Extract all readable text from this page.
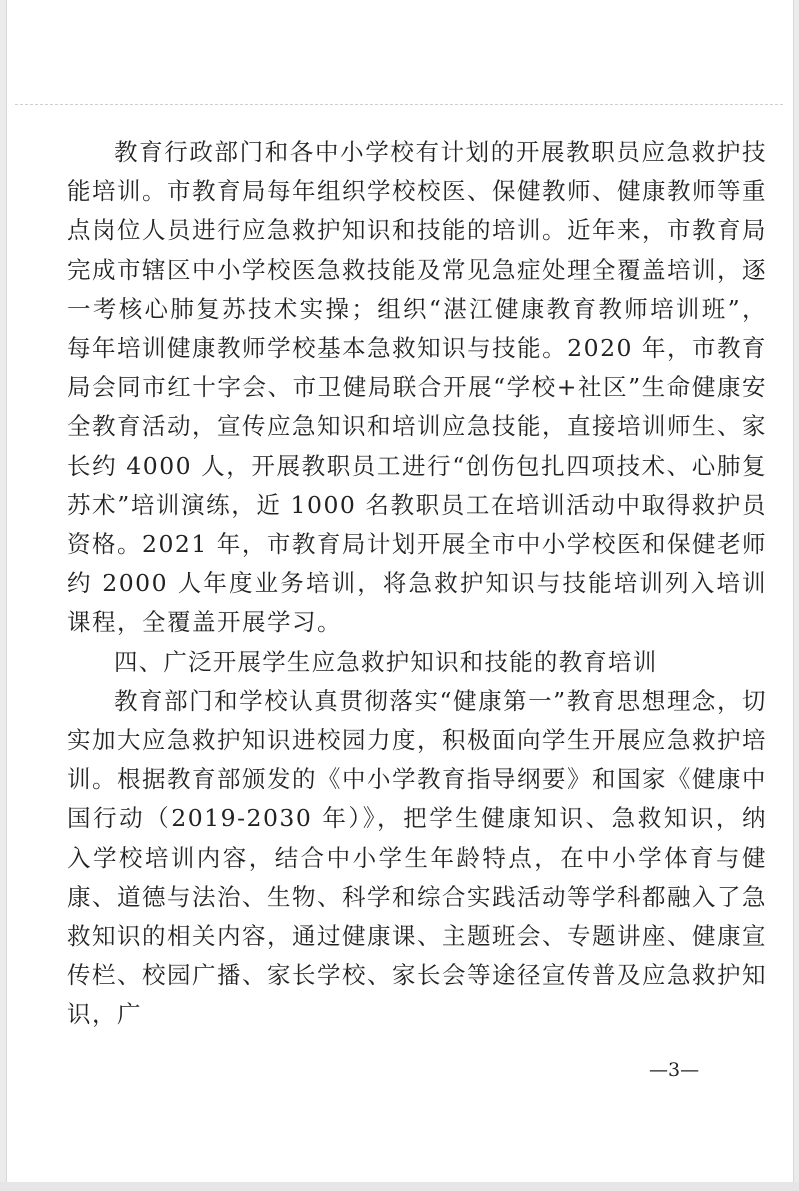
教育行政部门和各中小学校有计划的开展教职员应急救护技能培训。市教育局每年组织学校校医、保健教师、健康教师等重点岗位人员进行应急救护知识和技能的培训。近年来，市教育局完成市辖区中小学校医急救技能及常见急症处理全覆盖培训，逐一考核心肺复苏技术实操；组织“湛江健康教育教师培训班”，每年培训健康教师学校基本急救知识与技能。2020 年，市教育局会同市红十字会、市卫健局联合开展“学校+社区”生命健康安全教育活动，宣传应急知识和培训应急技能，直接培训师生、家长约 4000 人，开展教职员工进行“创伤包扎四项技术、心肺复苏术”培训演练，近 1000 名教职员工在培训活动中取得救护员资格。2021 年，市教育局计划开展全市中小学校医和保健老师约 2000 人年度业务培训，将急救护知识与技能培训列入培训课程，全覆盖开展学习。

四、广泛开展学生应急救护知识和技能的教育培训

教育部门和学校认真贯彻落实“健康第一”教育思想理念，切实加大应急救护知识进校园力度，积极面向学生开展应急救护培训。根据教育部颁发的《中小学教育指导纲要》和国家《健康中国行动（2019-2030 年）》，把学生健康知识、急救知识，纳入学校培训内容，结合中小学生年龄特点，在中小学体育与健康、道德与法治、生物、科学和综合实践活动等学科都融入了急救知识的相关内容，通过健康课、主题班会、专题讲座、健康宣传栏、校园广播、家长学校、家长会等途径宣传普及应急救护知识，广

—3—
